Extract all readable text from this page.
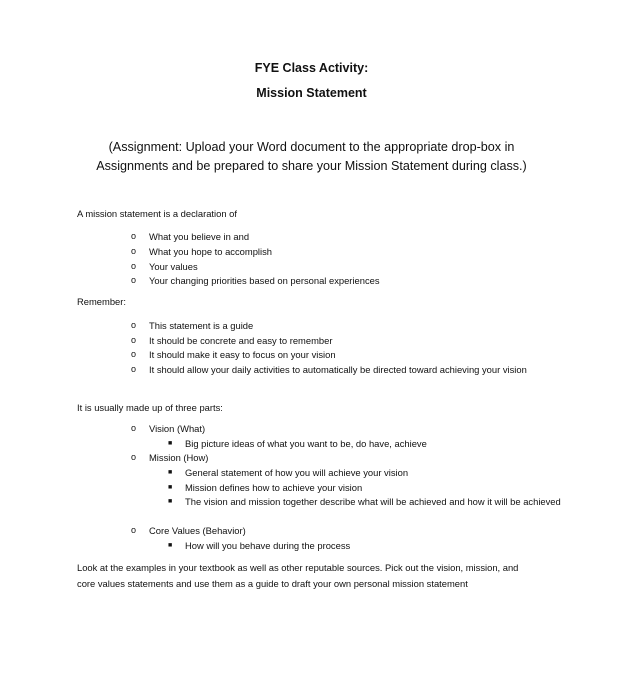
FYE Class Activity:
Mission Statement
(Assignment: Upload your Word document to the appropriate drop-box in
Assignments and be prepared to share your Mission Statement during class.)
A mission statement is a declaration of
o What you believe in and
o What you hope to accomplish
o Your values
o Your changing priorities based on personal experiences
Remember:
o This statement is a guide
o It should be concrete and easy to remember
o It should make it easy to focus on your vision
o It should allow your daily activities to automatically be directed toward achieving your vision
It is usually made up of three parts:
o Vision (What)
■ Big picture ideas of what you want to be, do have, achieve
o Mission (How)
■ General statement of how you will achieve your vision
■ Mission defines how to achieve your vision
■ The vision and mission together describe what will be achieved and how it will be achieved
o Core Values (Behavior)
■ How will you behave during the process
Look at the examples in your textbook as well as other reputable sources. Pick out the vision, mission, and
core values statements and use them as a guide to draft your own personal mission statement
